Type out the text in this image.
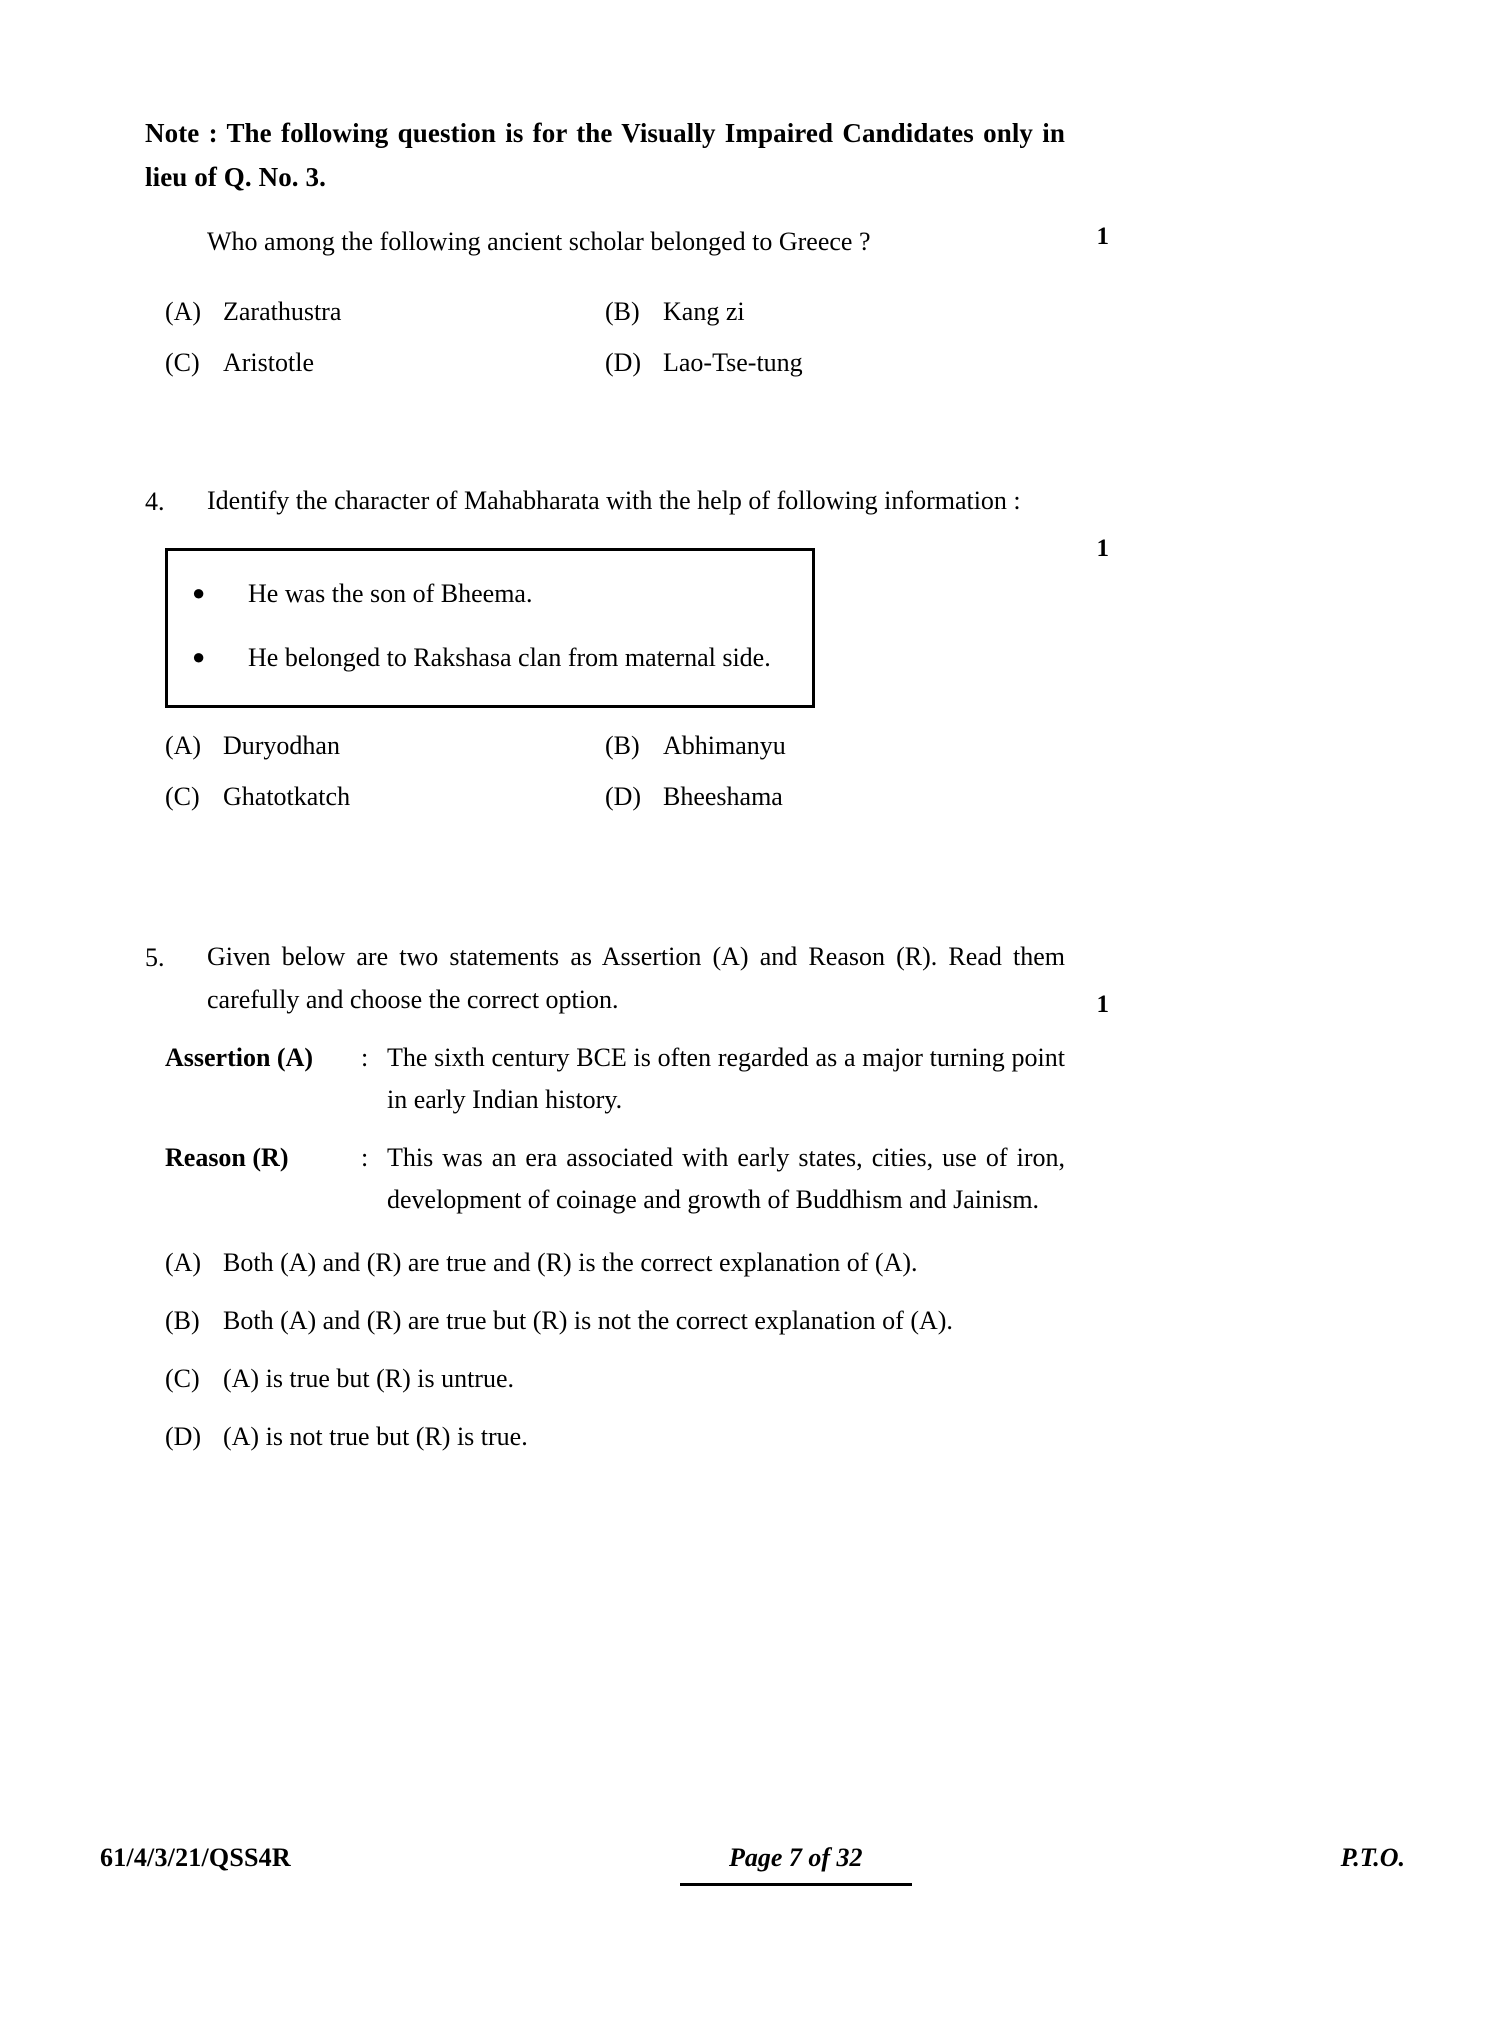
Note : The following question is for the Visually Impaired Candidates only in lieu of Q. No. 3.
Who among the following ancient scholar belonged to Greece ?	1
(A) Zarathustra	(B) Kang zi
(C) Aristotle	(D) Lao-Tse-tung
4.	Identify the character of Mahabharata with the help of following information :
1
●	He was the son of Bheema.
●	He belonged to Rakshasa clan from maternal side.
(A) Duryodhan	(B) Abhimanyu
(C) Ghatotkatch	(D) Bheeshama
5.	Given below are two statements as Assertion (A) and Reason (R). Read them carefully and choose the correct option.	1
Assertion (A)	: The sixth century BCE is often regarded as a major turning point in early Indian history.
Reason (R)	: This was an era associated with early states, cities, use of iron, development of coinage and growth of Buddhism and Jainism.
(A) Both (A) and (R) are true and (R) is the correct explanation of (A).
(B) Both (A) and (R) are true but (R) is not the correct explanation of (A).
(C) (A) is true but (R) is untrue.
(D) (A) is not true but (R) is true.
61/4/3/21/QSS4R	Page 7 of 32	P.T.O.
